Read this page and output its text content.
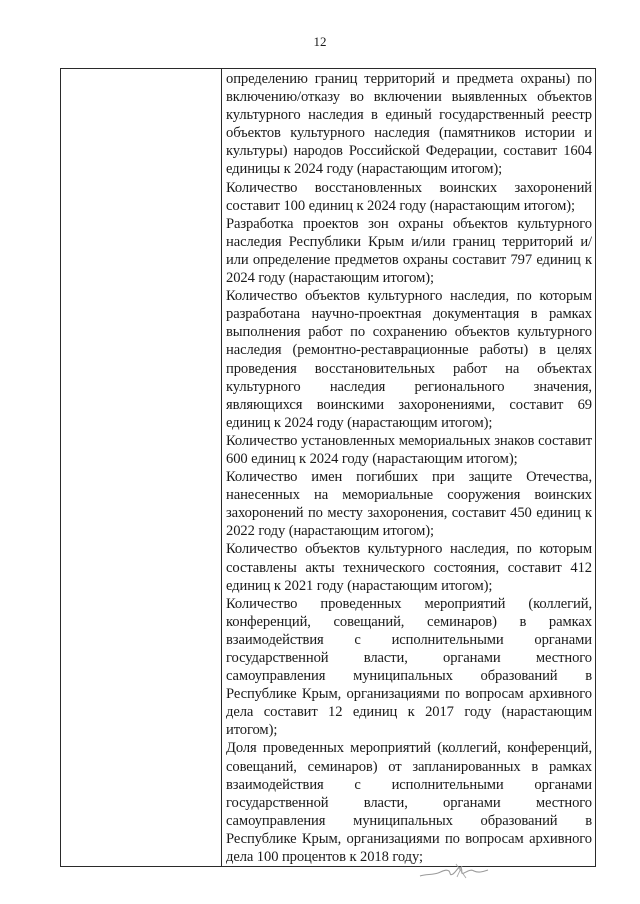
12

определению границ территорий и предмета охраны) по включению/отказу во включении выявленных объектов культурного наследия в единый государственный реестр объектов культурного наследия (памятников истории и культуры) народов Российской Федерации, составит 1604 единицы к 2024 году (нарастающим итогом);

Количество восстановленных воинских захоронений составит 100 единиц к 2024 году (нарастающим итогом);

Разработка проектов зон охраны объектов культурного наследия Республики Крым и/или границ территорий и/или определение предметов охраны составит 797 единиц к 2024 году (нарастающим итогом);

Количество объектов культурного наследия, по которым разработана научно-проектная документация в рамках выполнения работ по сохранению объектов культурного наследия (ремонтно-реставрационные работы) в целях проведения восстановительных работ на объектах культурного наследия регионального значения, являющихся воинскими захоронениями, составит 69 единиц к 2024 году (нарастающим итогом);

Количество установленных мемориальных знаков составит 600 единиц к 2024 году (нарастающим итогом);

Количество имен погибших при защите Отечества, нанесенных на мемориальные сооружения воинских захоронений по месту захоронения, составит 450 единиц к 2022 году (нарастающим итогом);

Количество объектов культурного наследия, по которым составлены акты технического состояния, составит 412 единиц к 2021 году (нарастающим итогом);

Количество проведенных мероприятий (коллегий, конференций, совещаний, семинаров) в рамках взаимодействия с исполнительными органами государственной власти, органами местного самоуправления муниципальных образований в Республике Крым, организациями по вопросам архивного дела составит 12 единиц к 2017 году (нарастающим итогом);

Доля проведенных мероприятий (коллегий, конференций, совещаний, семинаров) от запланированных в рамках взаимодействия с исполнительными органами государственной власти, органами местного самоуправления муниципальных образований в Республике Крым, организациями по вопросам архивного дела 100 процентов к 2018 году;
